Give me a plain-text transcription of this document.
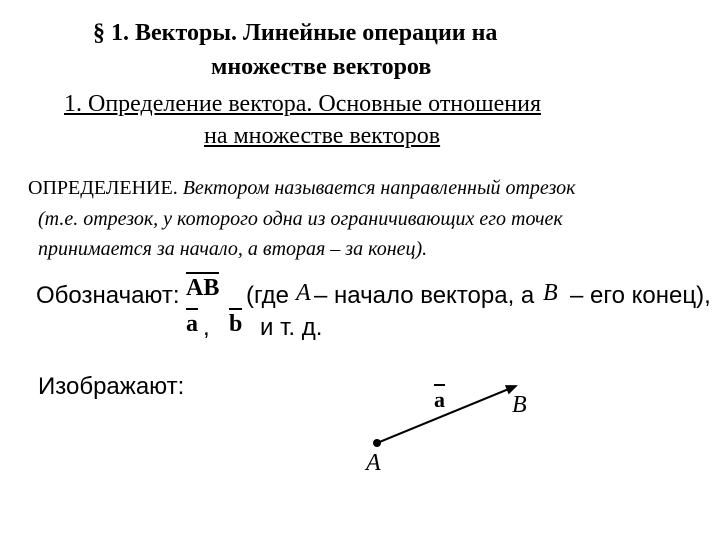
§ 1. Векторы. Линейные операции на
множестве векторов
1. Определение вектора. Основные отношения
на множестве векторов
ОПРЕДЕЛЕНИЕ. Вектором называется направленный отрезок
(т.е. отрезок, у которого одна из ограничивающих его точек
принимается за начало, а вторая – за конец).
Обозначают: AB (где A – начало вектора, а B – его конец),
a , b и т. д.
Изображают:	a	B
A
